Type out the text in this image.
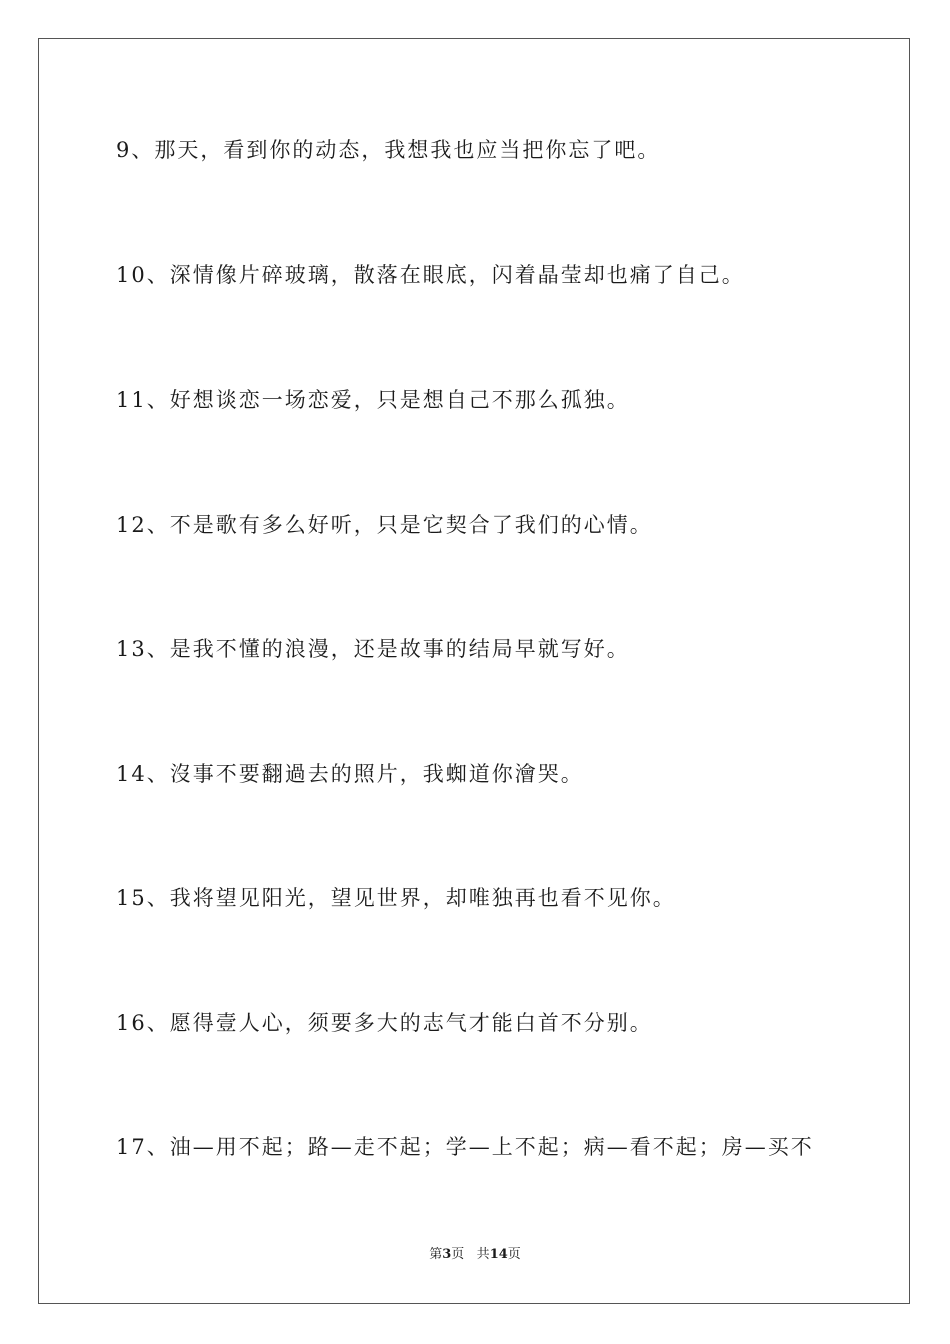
9、那天，看到你的动态，我想我也应当把你忘了吧。
10、深情像片碎玻璃，散落在眼底，闪着晶莹却也痛了自己。
11、好想谈恋一场恋爱，只是想自己不那么孤独。
12、不是歌有多么好听，只是它契合了我们的心情。
13、是我不懂的浪漫，还是故事的结局早就写好。
14、沒事不要翻過去的照片，我蜘道你澮哭。
15、我将望见阳光，望见世界，却唯独再也看不见你。
16、愿得壹人心，须要多大的志气才能白首不分别。
17、油—用不起；路—走不起；学—上不起；病—看不起；房—买不
第3页 共14页
